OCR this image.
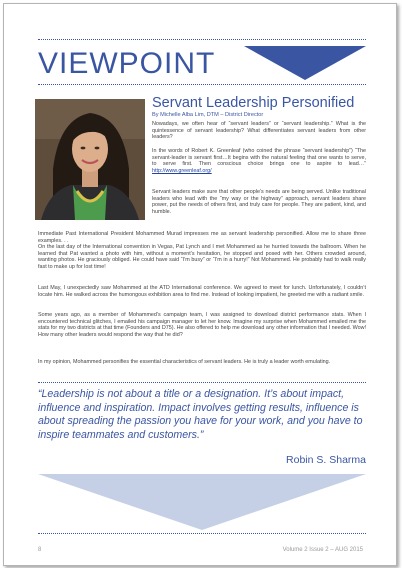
VIEWPOINT
Servant Leadership Personified
By Michelle Alba Lim, DTM – District Director
Nowadays, we often hear of “servant leaders” or “servant leadership.” What is the quintessence of servant leadership? What differentiates servant leaders from other leaders?
In the words of Robert K. Greenleaf (who coined the phrase “servant leadership”) “The servant-leader is servant first…It begins with the natural feeling that one wants to serve, to serve first. Then conscious choice brings one to aspire to lead…” http://www.greenleaf.org/
Servant leaders make sure that other people’s needs are being served. Unlike traditional leaders who lead with the “my way or the highway” approach, servant leaders share power, put the needs of others first, and truly care for people. They are patient, kind, and humble.
Immediate Past International President Mohammed Murad impresses me as servant leadership personified. Allow me to share three examples. . .
On the last day of the International convention in Vegas, Pat Lynch and I met Mohammed as he hurried towards the ballroom. When he learned that Pat wanted a photo with him, without a moment’s hesitation, he stopped and posed with her. Others crowded around, wanting photos. He graciously obliged. He could have said “I’m busy” or “I’m in a hurry!” Not Mohammed. He probably had to walk really fast to make up for lost time!
Last May, I unexpectedly saw Mohammed at the ATD International conference. We agreed to meet for lunch. Unfortunately, I couldn’t locate him. He walked across the humongous exhibition area to find me. Instead of looking impatient, he greeted me with a radiant smile.
Some years ago, as a member of Mohammed’s campaign team, I was assigned to download district performance stats. When I encountered technical glitches, I emailed his campaign manager to let her know. Imagine my surprise when Mohammed emailed me the stats for my two districts at that time (Founders and D75). He also offered to help me download any other information that I needed. Wow! How many other leaders would respond the way that he did?
In my opinion, Mohammed personifies the essential characteristics of servant leaders. He is truly a leader worth emulating.
“Leadership is not about a title or a designation. It’s about impact, influence and inspiration. Impact involves getting results, influence is about spreading the passion you have for your work, and you have to inspire teammates and customers.”
Robin S. Sharma
8	Volume 2 Issue 2 – AUG 2015
